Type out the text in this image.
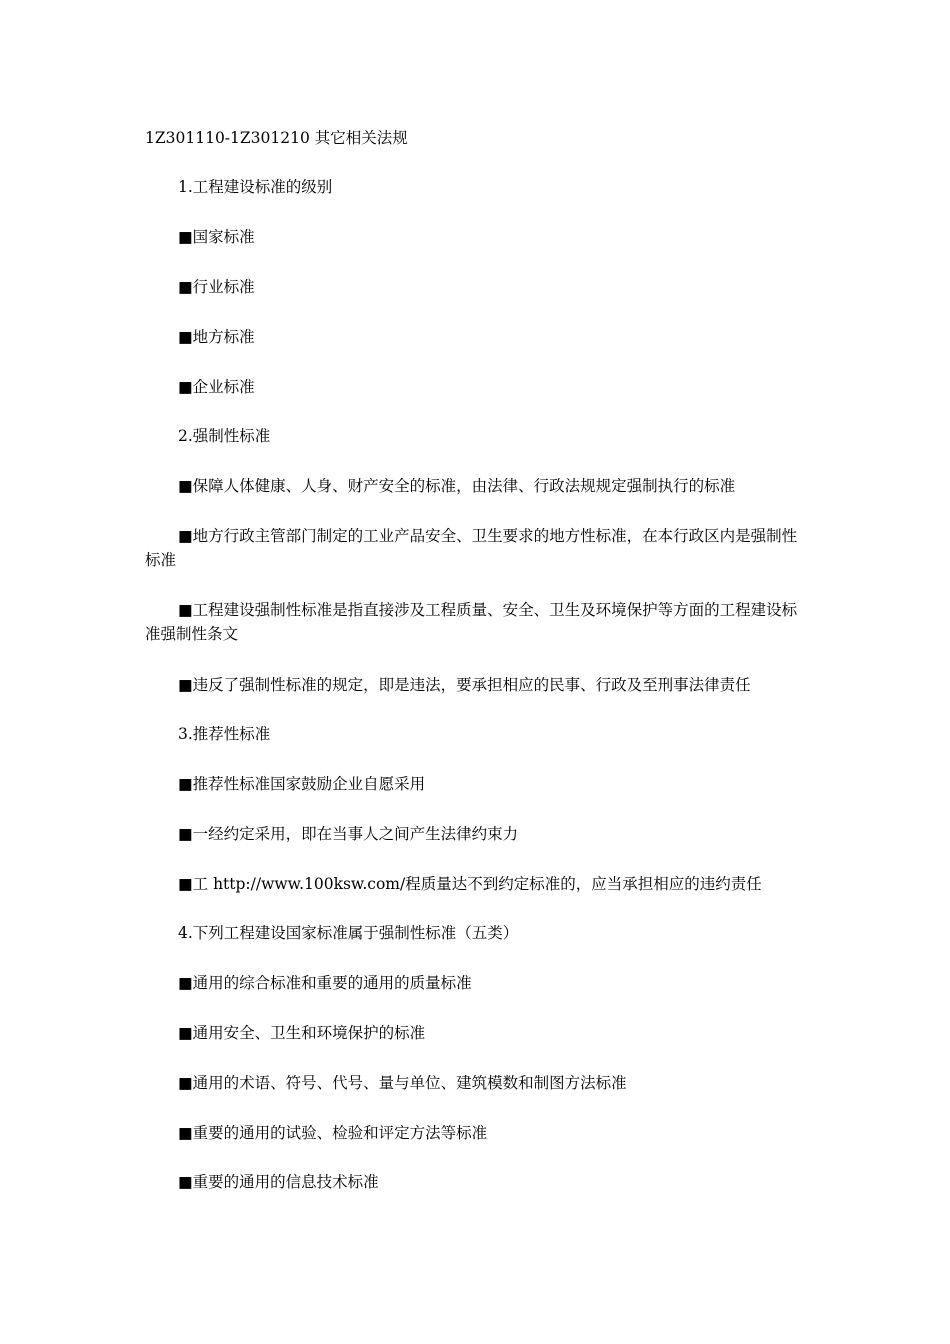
1Z301110-1Z301210 其它相关法规
1.工程建设标准的级别
■国家标准
■行业标准
■地方标准
■企业标准
2.强制性标准
■保障人体健康、人身、财产安全的标准，由法律、行政法规规定强制执行的标准
■地方行政主管部门制定的工业产品安全、卫生要求的地方性标准，在本行政区内是强制性标准
■工程建设强制性标准是指直接涉及工程质量、安全、卫生及环境保护等方面的工程建设标准强制性条文
■违反了强制性标准的规定，即是违法，要承担相应的民事、行政及至刑事法律责任
3.推荐性标准
■推荐性标准国家鼓励企业自愿采用
■一经约定采用，即在当事人之间产生法律约束力
■工 http://www.100ksw.com/程质量达不到约定标准的，应当承担相应的违约责任
4.下列工程建设国家标准属于强制性标准（五类）
■通用的综合标准和重要的通用的质量标准
■通用安全、卫生和环境保护的标准
■通用的术语、符号、代号、量与单位、建筑模数和制图方法标准
■重要的通用的试验、检验和评定方法等标准
■重要的通用的信息技术标准
